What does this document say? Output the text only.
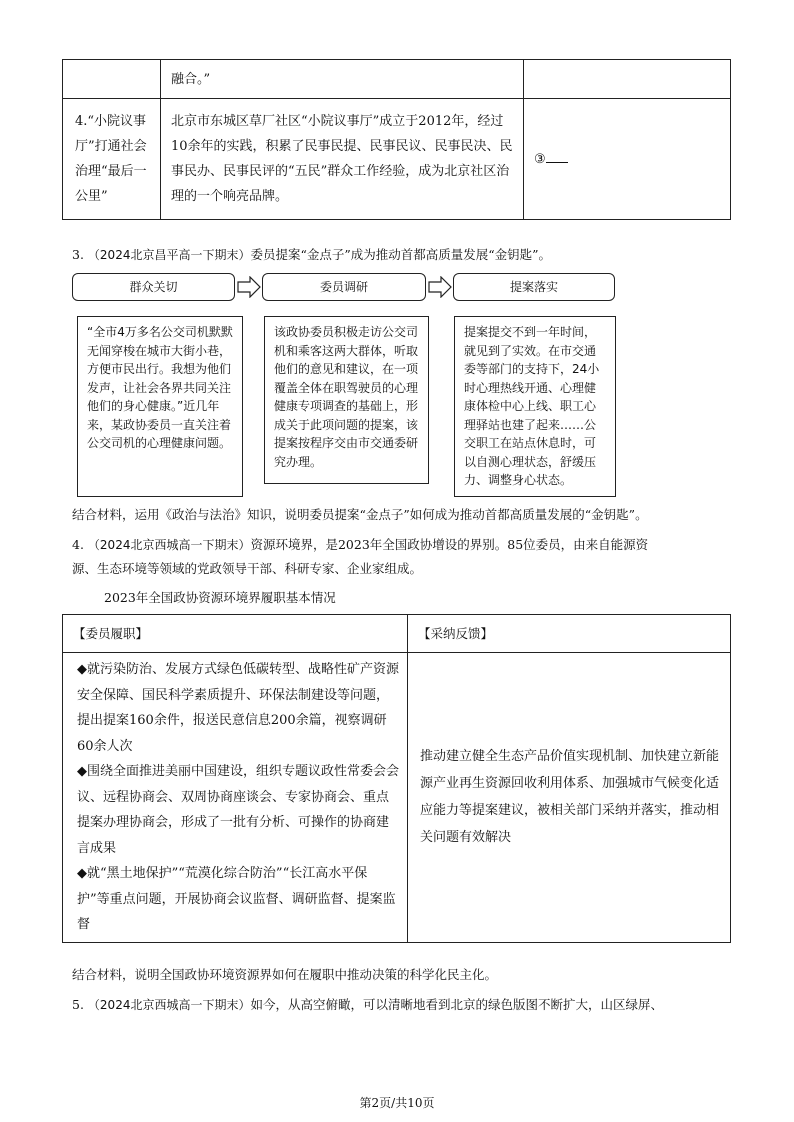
	融合。”	
4.“小院议事厅”打通社会治理“最后一公里”	北京市东城区草厂社区“小院议事厅”成立于2012年，经过10余年的实践，积累了民事民提、民事民议、民事民决、民事民办、民事民评的“五民”群众工作经验，成为北京社区治理的一个响亮品牌。	③
3. （2024北京昌平高一下期末）委员提案“金点子”成为推动首都高质量发展“金钥匙”。
群众关切	委员调研	提案落实
“全市4万多名公交司机默默无闻穿梭在城市大街小巷，方便市民出行。我想为他们发声，让社会各界共同关注他们的身心健康。”近几年来，某政协委员一直关注着公交司机的心理健康问题。
该政协委员积极走访公交司机和乘客这两大群体，听取他们的意见和建议，在一项覆盖全体在职驾驶员的心理健康专项调查的基础上，形成关于此项问题的提案，该提案按程序交由市交通委研究办理。
提案提交不到一年时间，就见到了实效。在市交通委等部门的支持下，24小时心理热线开通、心理健康体检中心上线、职工心理驿站也建了起来……公交职工在站点休息时，可以自测心理状态，舒缓压力、调整身心状态。
结合材料，运用《政治与法治》知识，说明委员提案“金点子”如何成为推动首都高质量发展的“金钥匙”。
4. （2024北京西城高一下期末）资源环境界，是2023年全国政协增设的界别。85位委员，由来自能源资
源、生态环境等领域的党政领导干部、科研专家、企业家组成。
2023年全国政协资源环境界履职基本情况
【委员履职】	【采纳反馈】

◆就污染防治、发展方式绿色低碳转型、战略性矿产资源安全保障、国民科学素质提升、环保法制建设等问题，提出提案160余件，报送民意信息200余篇，视察调研60余人次
◆围绕全面推进美丽中国建设，组织专题议政性常委会会议、远程协商会、双周协商座谈会、专家协商会、重点提案办理协商会，形成了一批有分析、可操作的协商建言成果
◆就“黑土地保护”“荒漠化综合防治”“长江高水平保护”等重点问题，开展协商会议监督、调研监督、提案监督	推动建立健全生态产品价值实现机制、加快建立新能源产业再生资源回收利用体系、加强城市气候变化适应能力等提案建议，被相关部门采纳并落实，推动相关问题有效解决
结合材料，说明全国政协环境资源界如何在履职中推动决策的科学化民主化。
5. （2024北京西城高一下期末）如今，从高空俯瞰，可以清晰地看到北京的绿色版图不断扩大，山区绿屏、
第2页/共10页
